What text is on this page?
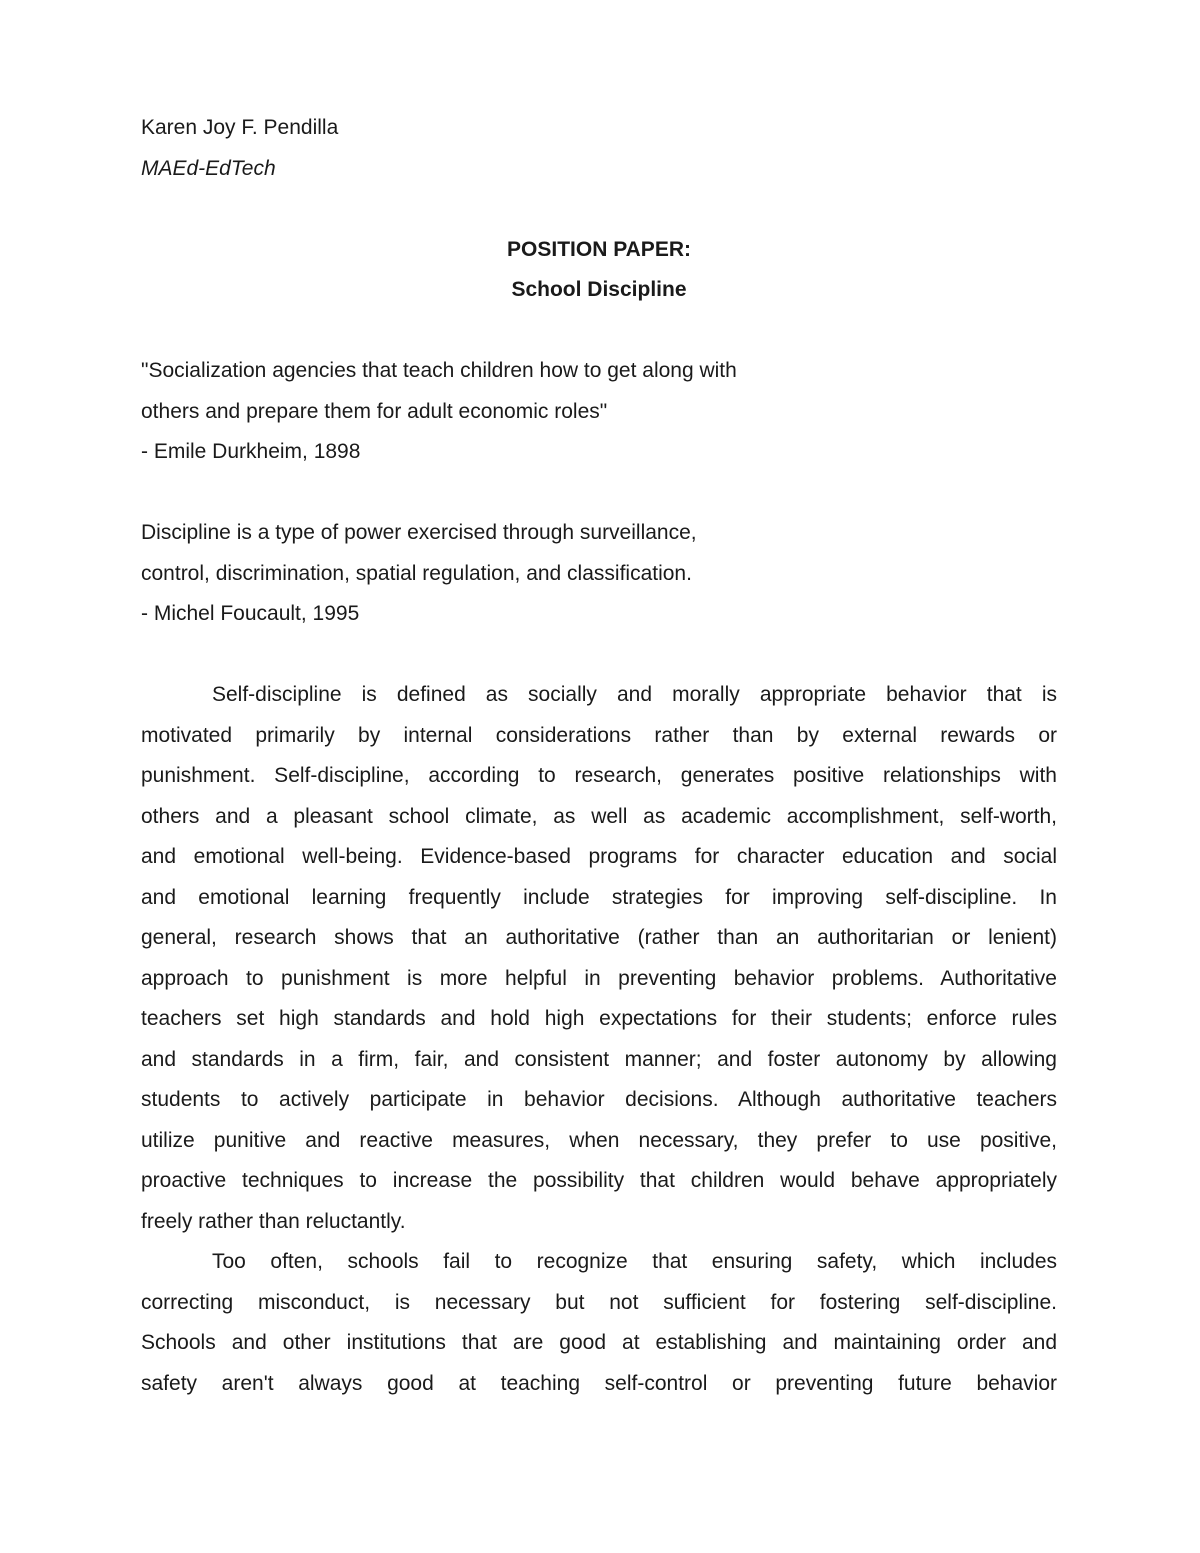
Karen Joy F. Pendilla
MAEd-EdTech
POSITION PAPER:
School Discipline
"Socialization agencies that teach children how to get along with
others and prepare them for adult economic roles"
- Emile Durkheim, 1898
Discipline is a type of power exercised through surveillance,
control, discrimination, spatial regulation, and classification.
- Michel Foucault, 1995
Self-discipline is defined as socially and morally appropriate behavior that is
motivated primarily by internal considerations rather than by external rewards or
punishment. Self-discipline, according to research, generates positive relationships with
others and a pleasant school climate, as well as academic accomplishment, self-worth,
and emotional well-being. Evidence-based programs for character education and social
and emotional learning frequently include strategies for improving self-discipline. In
general, research shows that an authoritative (rather than an authoritarian or lenient)
approach to punishment is more helpful in preventing behavior problems. Authoritative
teachers set high standards and hold high expectations for their students; enforce rules
and standards in a firm, fair, and consistent manner; and foster autonomy by allowing
students to actively participate in behavior decisions. Although authoritative teachers
utilize punitive and reactive measures, when necessary, they prefer to use positive,
proactive techniques to increase the possibility that children would behave appropriately
freely rather than reluctantly.
Too often, schools fail to recognize that ensuring safety, which includes
correcting misconduct, is necessary but not sufficient for fostering self-discipline.
Schools and other institutions that are good at establishing and maintaining order and
safety aren't always good at teaching self-control or preventing future behavior
